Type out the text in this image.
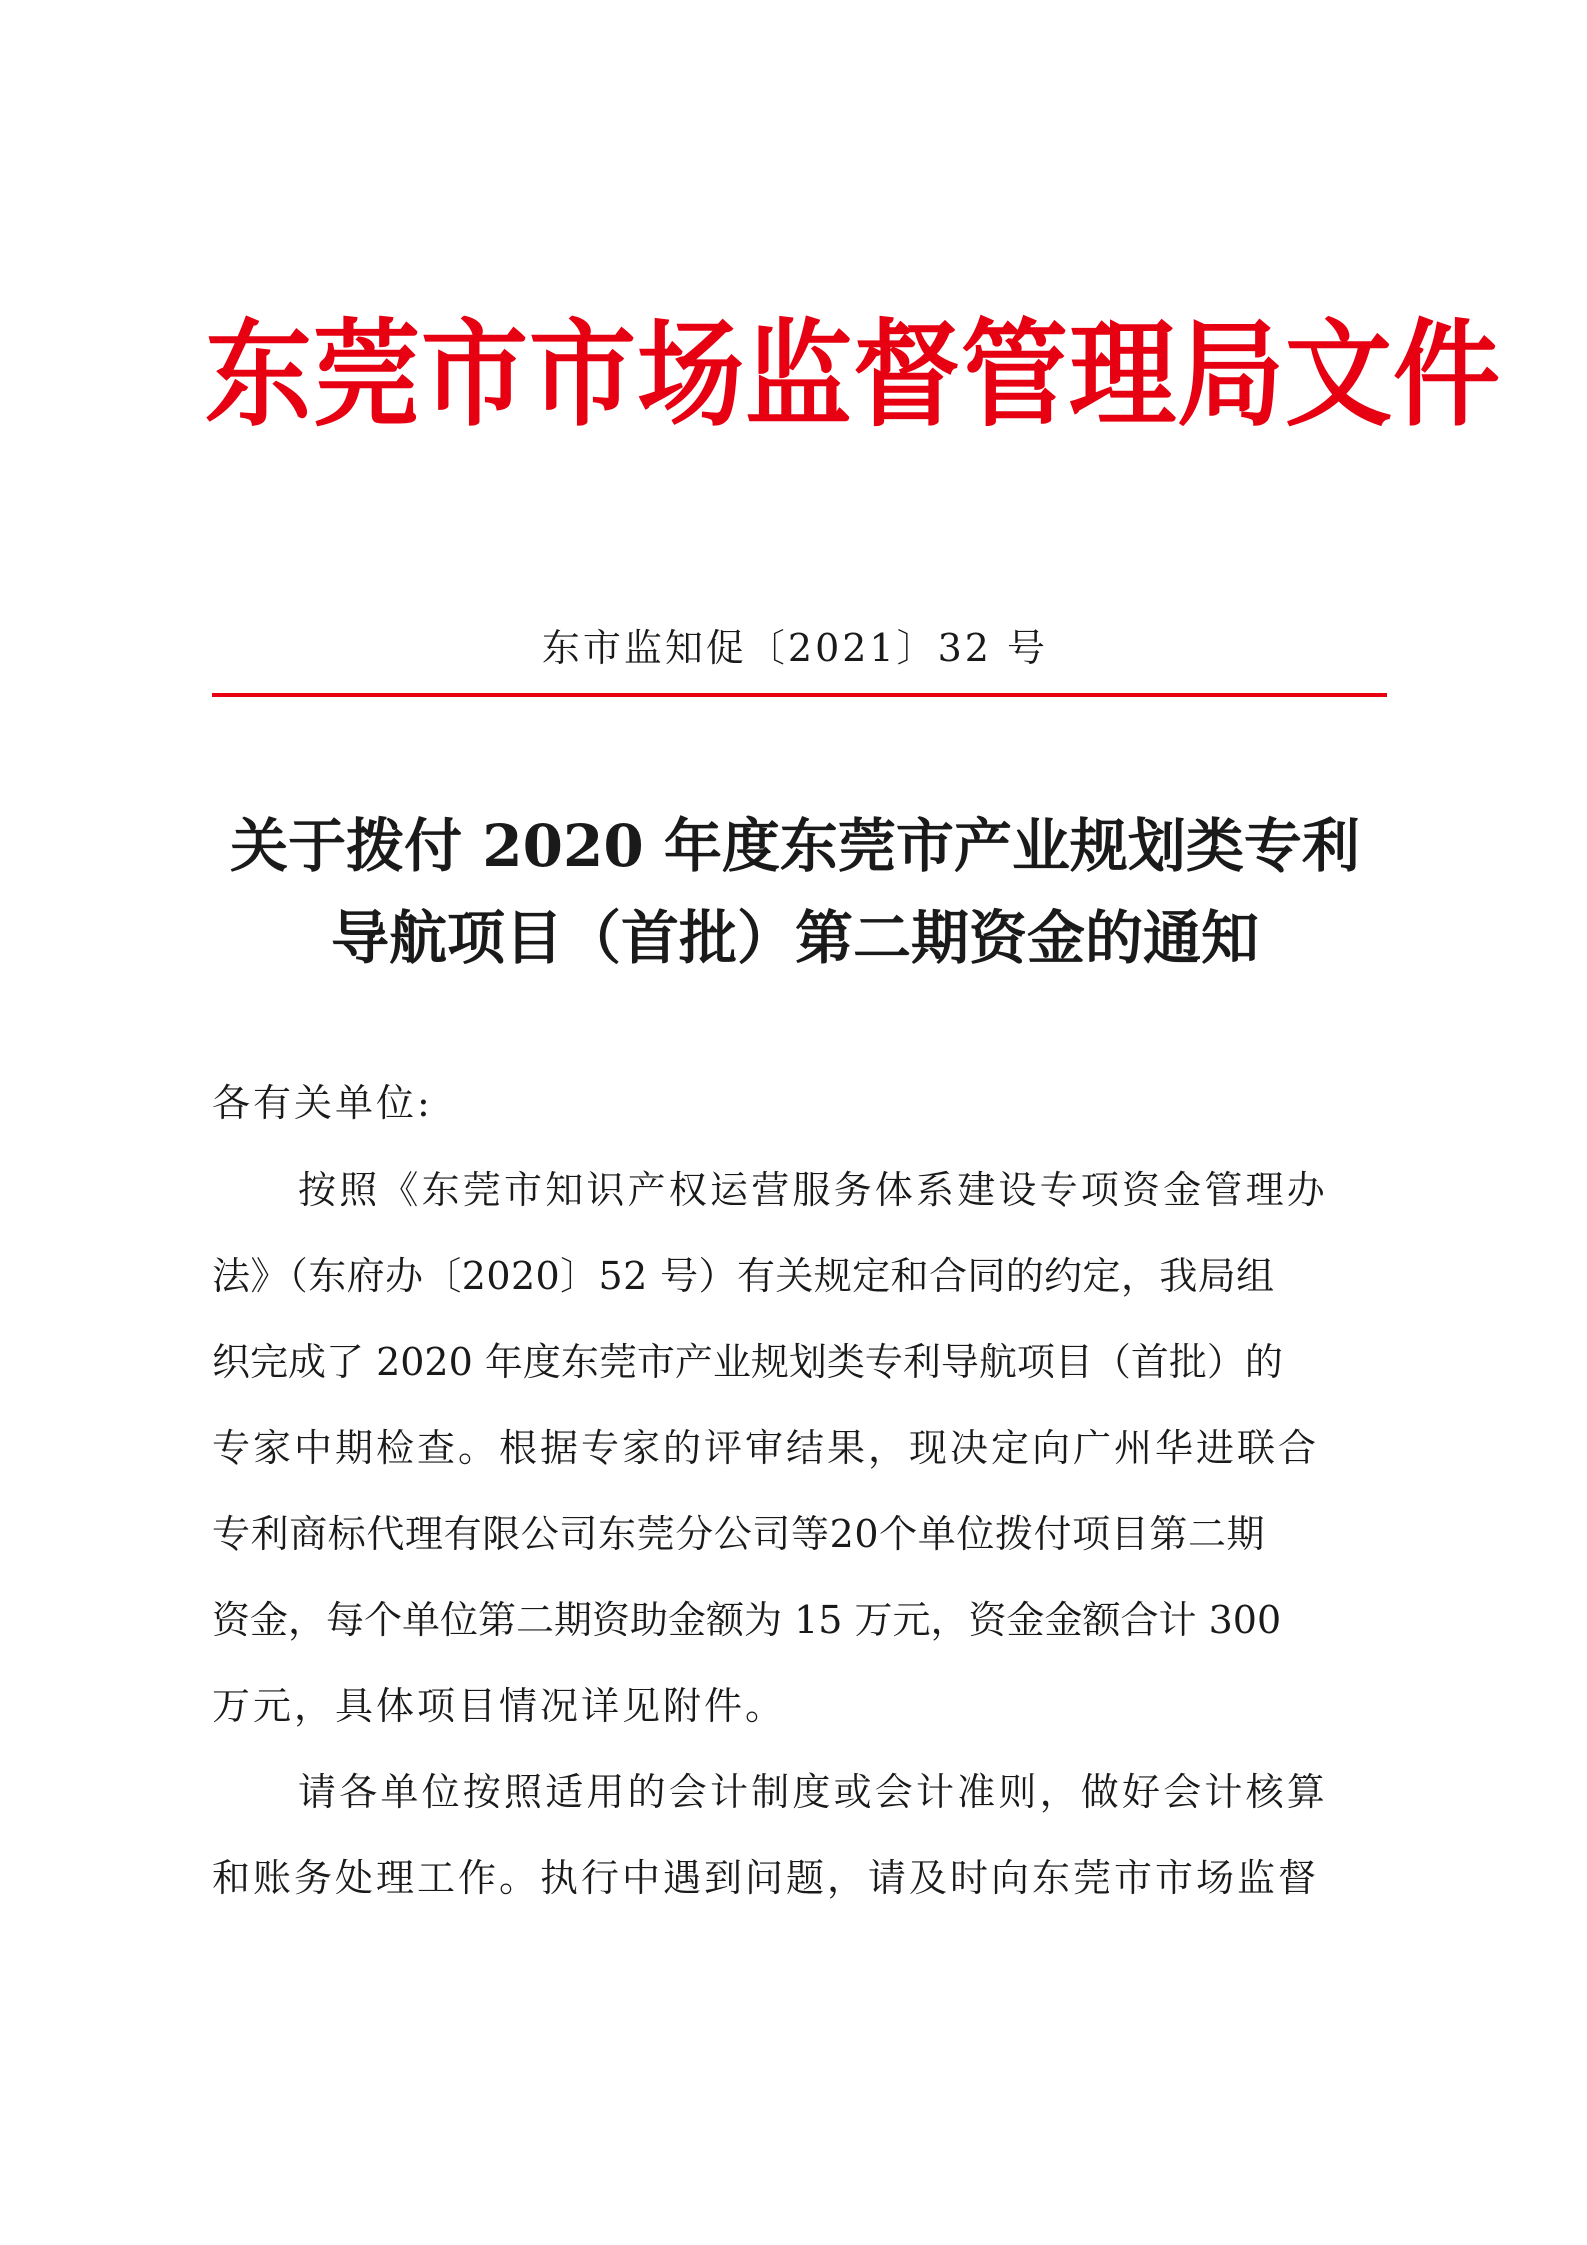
东莞市市场监督管理局文件
东市监知促〔2021〕32 号
关于拨付 2020 年度东莞市产业规划类专利
导航项目（首批）第二期资金的通知
各有关单位:
按照《东莞市知识产权运营服务体系建设专项资金管理办
法》（东府办〔2020〕52 号）有关规定和合同的约定，我局组
织完成了 2020 年度东莞市产业规划类专利导航项目（首批）的
专家中期检查。根据专家的评审结果，现决定向广州华进联合
专利商标代理有限公司东莞分公司等20个单位拨付项目第二期
资金，每个单位第二期资助金额为 15 万元，资金金额合计 300
万元，具体项目情况详见附件。
请各单位按照适用的会计制度或会计准则，做好会计核算
和账务处理工作。执行中遇到问题，请及时向东莞市市场监督
